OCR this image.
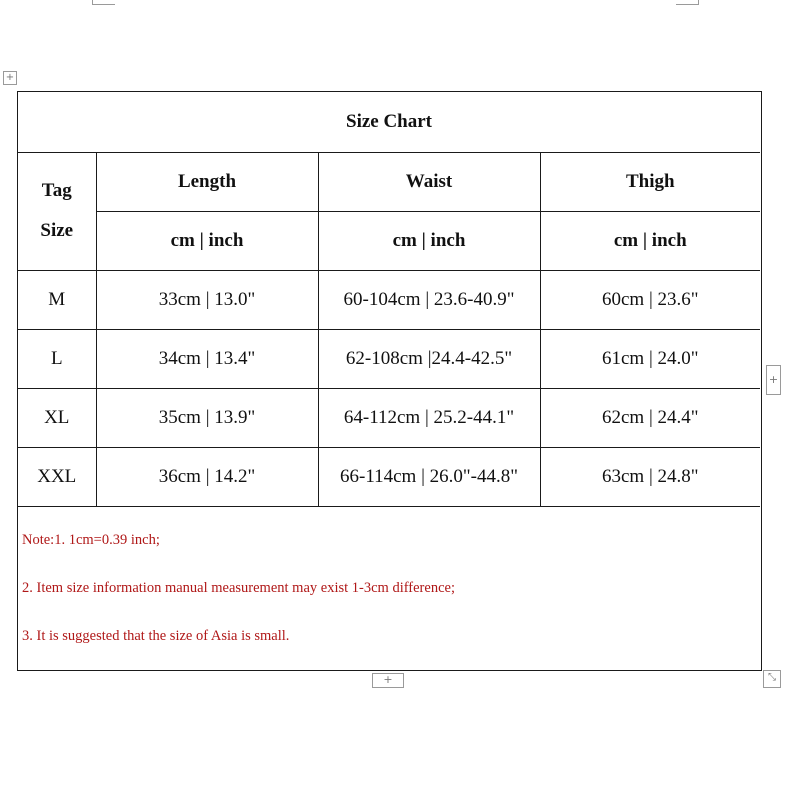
+
Size Chart			

Tag
Size	Length	Waist	Thigh
	cm | inch	cm | inch	cm | inch
M	33cm | 13.0"	60-104cm | 23.6-40.9"	60cm | 23.6"
L	34cm | 13.4"	62-108cm |24.4-42.5"	61cm | 24.0"
XL	35cm | 13.9"	64-112cm | 25.2-44.1"	62cm | 24.4"
XXL	36cm | 14.2"	66-114cm | 26.0"-44.8"	63cm | 24.8"
Note:1. 1cm=0.39 inch;
2. Item size information manual measurement may exist 1-3cm difference;
3. It is suggested that the size of Asia is small.
+
+	⤡
